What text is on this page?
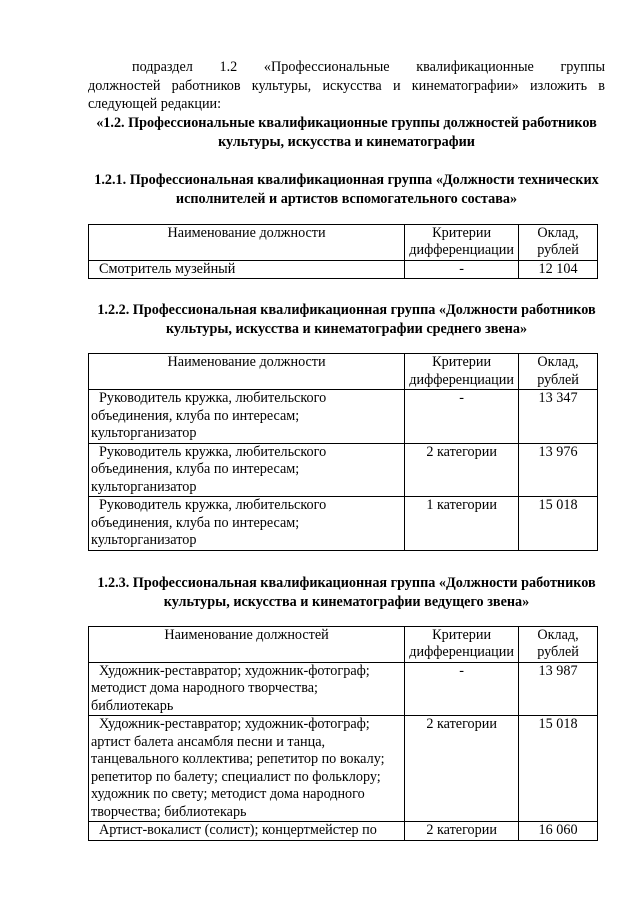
подраздел 1.2 «Профессиональные квалификационные группы
должностей работников культуры, искусства и кинематографии» изложить в следующей редакции:

«1.2. Профессиональные квалификационные группы должностей работников культуры, искусства и кинематографии

1.2.1. Профессиональная квалификационная группа «Должности технических исполнителей и артистов вспомогательного состава»

Наименование должности	Критерии дифференциации	Оклад, рублей
Смотритель музейный	-	12 104

1.2.2. Профессиональная квалификационная группа «Должности работников культуры, искусства и кинематографии среднего звена»

Наименование должности	Критерии дифференциации	Оклад, рублей
Руководитель кружка, любительского объединения, клуба по интересам; культорганизатор	-	13 347
Руководитель кружка, любительского объединения, клуба по интересам; культорганизатор	2 категории	13 976
Руководитель кружка, любительского объединения, клуба по интересам; культорганизатор	1 категории	15 018

1.2.3. Профессиональная квалификационная группа «Должности работников культуры, искусства и кинематографии ведущего звена»

Наименование должностей	Критерии дифференциации	Оклад, рублей
Художник-реставратор; художник-фотограф; методист дома народного творчества; библиотекарь	-	13 987
Художник-реставратор; художник-фотограф; артист балета ансамбля песни и танца, танцевального коллектива; репетитор по вокалу; репетитор по балету; специалист по фольклору; художник по свету; методист дома народного творчества; библиотекарь	2 категории	15 018
Артист-вокалист (солист); концертмейстер по	2 категории	16 060
